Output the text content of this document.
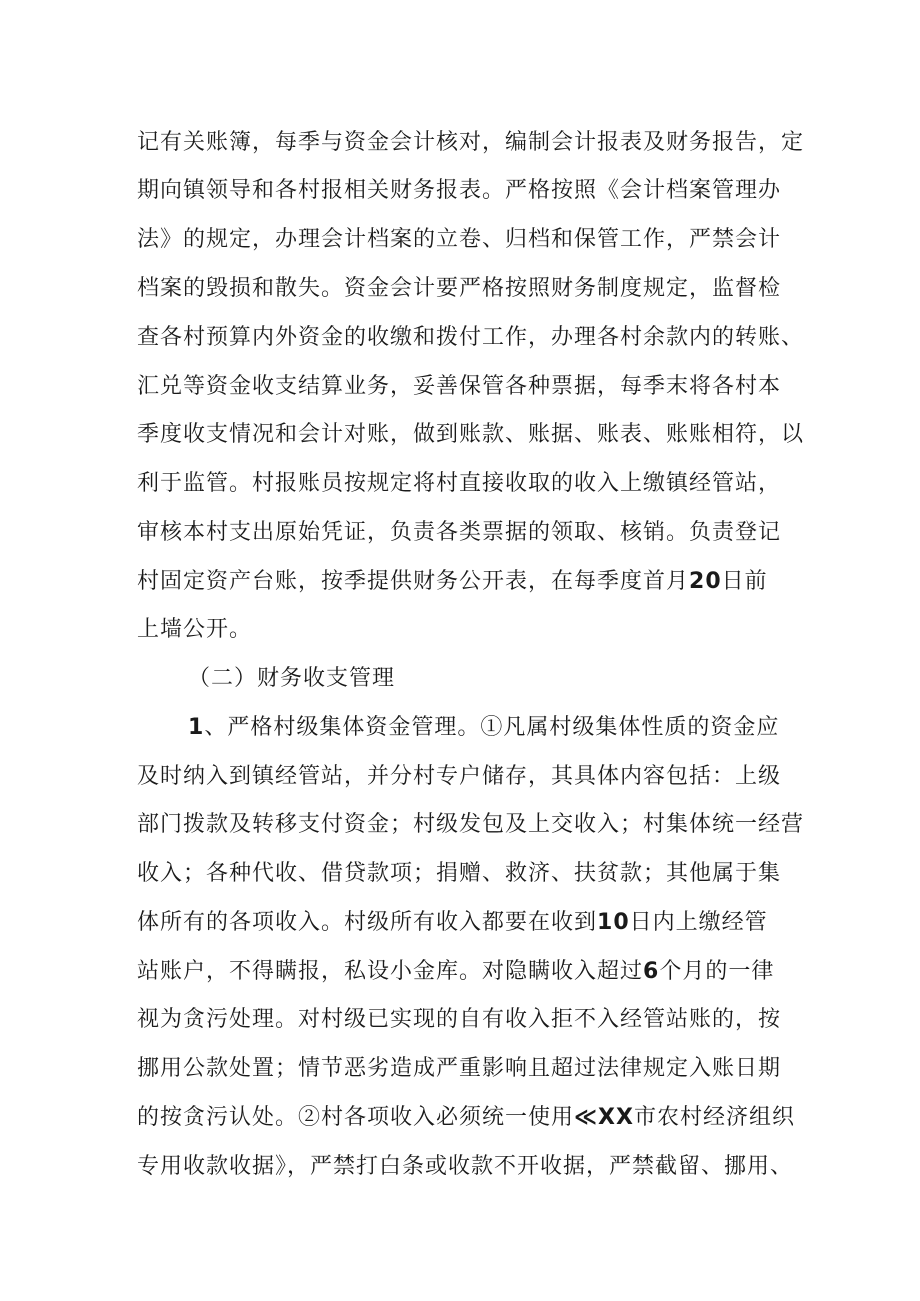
记有关账簿，每季与资金会计核对，编制会计报表及财务报告，定
期向镇领导和各村报相关财务报表。严格按照《会计档案管理办
法》的规定，办理会计档案的立卷、归档和保管工作，严禁会计
档案的毁损和散失。资金会计要严格按照财务制度规定，监督检
查各村预算内外资金的收缴和拨付工作，办理各村余款内的转账、
汇兑等资金收支结算业务，妥善保管各种票据，每季末将各村本
季度收支情况和会计对账，做到账款、账据、账表、账账相符，以
利于监管。村报账员按规定将村直接收取的收入上缴镇经管站，
审核本村支出原始凭证，负责各类票据的领取、核销。负责登记
村固定资产台账，按季提供财务公开表，在每季度首月20日前
上墙公开。
（二）财务收支管理
1、严格村级集体资金管理。①凡属村级集体性质的资金应
及时纳入到镇经管站，并分村专户储存，其具体内容包括：上级
部门拨款及转移支付资金；村级发包及上交收入；村集体统一经营
收入；各种代收、借贷款项；捐赠、救济、扶贫款；其他属于集
体所有的各项收入。村级所有收入都要在收到10日内上缴经管
站账户，不得瞒报，私设小金库。对隐瞒收入超过6个月的一律
视为贪污处理。对村级已实现的自有收入拒不入经管站账的，按
挪用公款处置；情节恶劣造成严重影响且超过法律规定入账日期
的按贪污认处。②村各项收入必须统一使用≪XX市农村经济组织
专用收款收据》，严禁打白条或收款不开收据，严禁截留、挪用、
